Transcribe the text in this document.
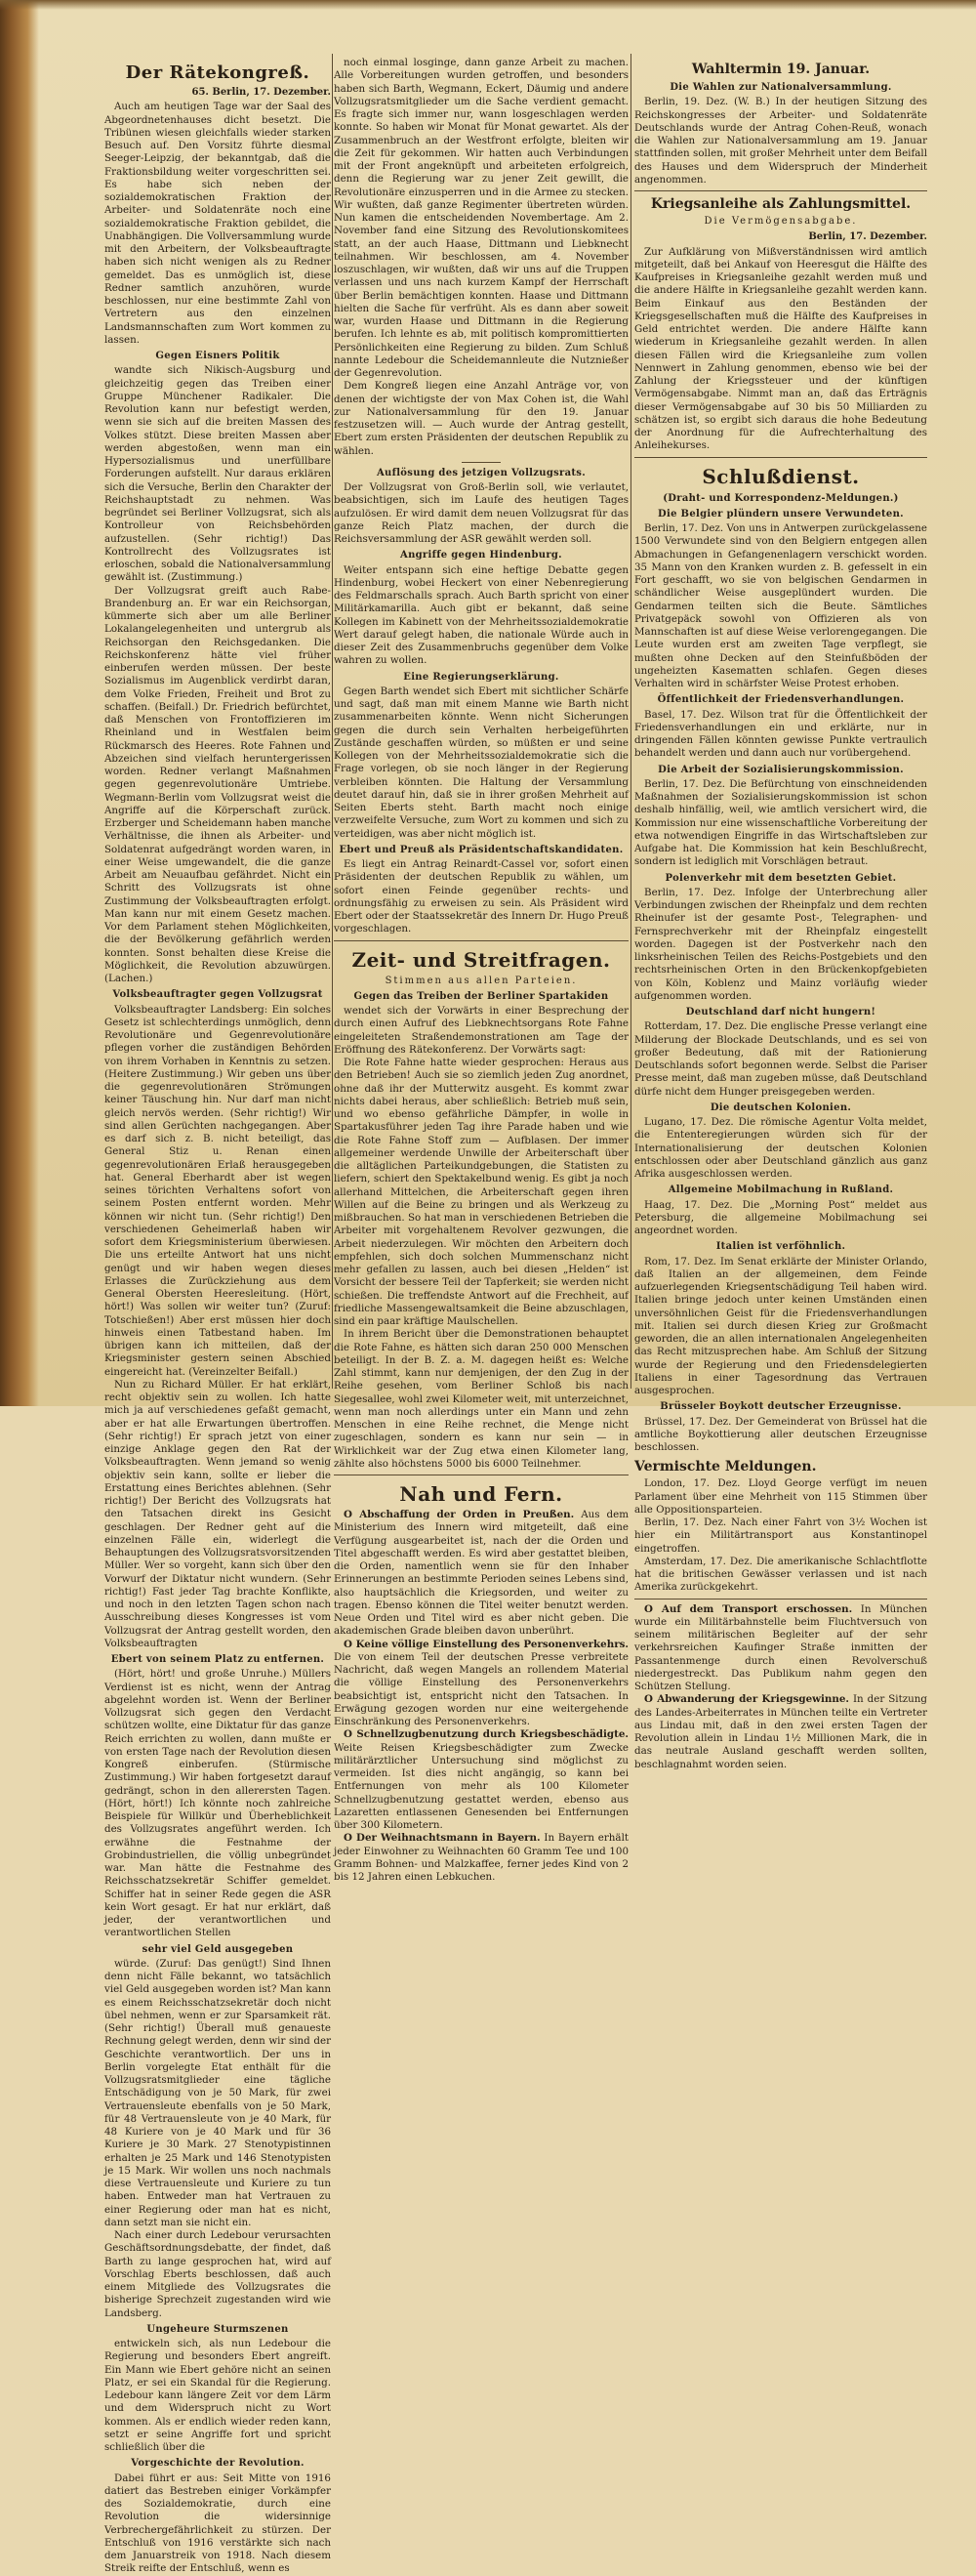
Der Rätekongreß.
65. Berlin, 17. Dezember.

Auch am heutigen Tage war der Saal des Abgeordnetenhauses dicht besetzt. Die Tribünen wiesen gleichfalls wieder starken Besuch auf. Den Vorsitz führte diesmal Seeger-Leipzig, der bekanntgab, daß die Fraktionsbildung weiter vorgeschritten sei. Es habe sich neben der sozialdemokratischen Fraktion der Arbeiter- und Soldatenräte noch eine sozialdemokratische Fraktion gebildet, die Unabhängigen. Die Vollversammlung wurde mit den Arbeitern, der Volksbeauftragte haben sich nicht wenigen als zu Redner gemeldet. Das es unmöglich ist, diese Redner samtlich anzuhören, wurde beschlossen, nur eine bestimmte Zahl von Vertretern aus den einzelnen Landsmannschaften zum Wort kommen zu lassen.

Gegen Eisners Politik

wandte sich Nikisch-Augsburg und gleichzeitig gegen das Treiben einer Gruppe Münchener Radikaler. Die Revolution kann nur befestigt werden, wenn sie sich auf die breiten Massen des Volkes stützt. Diese breiten Massen aber werden abgestoßen, wenn man ein Hypersozialismus und unerfüllbare Forderungen aufstellt. Nur daraus erklären sich die Versuche, Berlin den Charakter der Reichshauptstadt zu nehmen. Was begründet sei Berliner Vollzugsrat, sich als Kontrolleur von Reichsbehörden aufzustellen. (Sehr richtig!) Das Kontrollrecht des Vollzugsrates ist erloschen, sobald die Nationalversammlung gewählt ist. (Zustimmung.)

Der Vollzugsrat greift auch Rabe-Brandenburg an. Er war ein Reichsorgan, kümmerte sich aber um alle Berliner Lokalangelegenheiten und untergrub als Reichsorgan den Reichsgedanken. Die Reichskonferenz hätte viel früher einberufen werden müssen. Der beste Sozialismus im Augenblick verdirbt daran, dem Volke Frieden, Freiheit und Brot zu schaffen. (Beifall.) Dr. Friedrich befürchtet, daß Menschen von Frontoffizieren im Rheinland und in Westfalen beim Rückmarsch des Heeres. Rote Fahnen und Abzeichen sind vielfach heruntergerissen worden. Redner verlangt Maßnahmen gegen gegenrevolutionäre Umtriebe. Wegmann-Berlin vom Vollzugsrat weist die Angriffe auf die Körperschaft zurück. Erzberger und Scheidemann haben manche Verhältnisse, die ihnen als Arbeiter- und Soldatenrat aufgedrängt worden waren, in einer Weise umgewandelt, die die ganze Arbeit am Neuaufbau gefährdet. Nicht ein Schritt des Vollzugsrats ist ohne Zustimmung der Volksbeauftragten erfolgt. Man kann nur mit einem Gesetz machen. Vor dem Parlament stehen Möglichkeiten, die der Bevölkerung gefährlich werden konnten. Sonst behalten diese Kreise die Möglichkeit, die Revolution abzuwürgen. (Lachen.)

Volksbeauftragter gegen Vollzugsrat

Volksbeauftragter Landsberg: Ein solches Gesetz ist schlechterdings unmöglich, denn Revolutionäre und Gegenrevolutionäre pflegen vorher die zuständigen Behörden von ihrem Vorhaben in Kenntnis zu setzen. (Heitere Zustimmung.) Wir geben uns über die gegenrevolutionären Strömungen keiner Täuschung hin. Nur darf man nicht gleich nervös werden. (Sehr richtig!) Wir sind allen Gerüchten nachgegangen. Aber es darf sich z. B. nicht beteiligt, das General Stiz u. Renan einen gegenrevolutionären Erlaß herausgegeben hat. General Eberhardt aber ist wegen seines törichten Verhaltens sofort von seinem Posten entfernt worden. Mehr können wir nicht tun. (Sehr richtig!) Den verschiedenen Geheimerlaß haben wir sofort dem Kriegsministerium überwiesen. Die uns erteilte Antwort hat uns nicht genügt und wir haben wegen dieses Erlasses die Zurückziehung aus dem General Obersten Heeresleitung. (Hört, hört!) Was sollen wir weiter tun? (Zuruf: Totschießen!) Aber erst müssen hier doch hinweis einen Tatbestand haben. Im übrigen kann ich mitteilen, daß der Kriegsminister gestern seinen Abschied eingereicht hat. (Vereinzelter Beifall.)

Nun zu Richard Müller. Er hat erklärt, recht objektiv sein zu wollen. Ich hatte mich ja auf verschiedenes gefaßt gemacht, aber er hat alle Erwartungen übertroffen. (Sehr richtig!) Er sprach jetzt von einer einzige Anklage gegen den Rat der Volksbeauftragten. Wenn jemand so wenig objektiv sein kann, sollte er lieber die Erstattung eines Berichtes ablehnen. (Sehr richtig!) Der Bericht des Vollzugsrats hat den Tatsachen direkt ins Gesicht geschlagen. Der Redner geht auf die einzelnen Fälle ein, widerlegt die Behauptungen des Vollzugsratsvorsitzenden Müller. Wer so vorgeht, kann sich über den Vorwurf der Diktatur nicht wundern. (Sehr richtig!) Fast jeder Tag brachte Konflikte, und noch in den letzten Tagen schon nach Ausschreibung dieses Kongresses ist vom Vollzugsrat der Antrag gestellt worden, den Volksbeauftragten

Ebert von seinem Platz zu entfernen.

(Hört, hört! und große Unruhe.) Müllers Verdienst ist es nicht, wenn der Antrag abgelehnt worden ist. Wenn der Berliner Vollzugsrat sich gegen den Verdacht schützen wollte, eine Diktatur für das ganze Reich errichten zu wollen, dann mußte er von ersten Tage nach der Revolution diesen Kongreß einberufen. (Stürmische Zustimmung.) Wir haben fortgesetzt darauf gedrängt, schon in den allerersten Tagen. (Hört, hört!) Ich könnte noch zahlreiche Beispiele für Willkür und Überheblichkeit des Vollzugsrates angeführt werden. Ich erwähne die Festnahme der Grobindustriellen, die völlig unbegründet war. Man hätte die Festnahme des Reichsschatzsekretär Schiffer gemeldet. Schiffer hat in seiner Rede gegen die ASR kein Wort gesagt. Er hat nur erklärt, daß jeder, der verantwortlichen und verantwortlichen Stellen

sehr viel Geld ausgegeben

würde. (Zuruf: Das genügt!) Sind Ihnen denn nicht Fälle bekannt, wo tatsächlich viel Geld ausgegeben worden ist? Man kann es einem Reichsschatzsekretär doch nicht übel nehmen, wenn er zur Sparsamkeit rät. (Sehr richtig!) Überall muß genaueste Rechnung gelegt werden, denn wir sind der Geschichte verantwortlich. Der uns in Berlin vorgelegte Etat enthält für die Vollzugsratsmitglieder eine tägliche Entschädigung von je 50 Mark, für zwei Vertrauensleute ebenfalls von je 50 Mark, für 48 Vertrauensleute von je 40 Mark, für 48 Kuriere von je 40 Mark und für 36 Kuriere je 30 Mark. 27 Stenotypistinnen erhalten je 25 Mark und 146 Stenotypisten je 15 Mark. Wir wollen uns noch nachmals diese Vertrauensleute und Kuriere zu tun haben. Entweder man hat Vertrauen zu einer Regierung oder man hat es nicht, dann setzt man sie nicht ein.

Nach einer durch Ledebour verursachten Geschäftsordnungsdebatte, der findet, daß Barth zu lange gesprochen hat, wird auf Vorschlag Eberts beschlossen, daß auch einem Mitgliede des Vollzugsrates die bisherige Sprechzeit zugestanden wird wie Landsberg.

Ungeheure Sturmszenen

entwickeln sich, als nun Ledebour die Regierung und besonders Ebert angreift. Ein Mann wie Ebert gehöre nicht an seinen Platz, er sei ein Skandal für die Regierung. Ledebour kann längere Zeit vor dem Lärm und dem Widerspruch nicht zu Wort kommen. Als er endlich wieder reden kann, setzt er seine Angriffe fort und spricht schließlich über die

Vorgeschichte der Revolution.

Dabei führt er aus: Seit Mitte von 1916 datiert das Bestreben einiger Vorkämpfer des Sozialdemokratie, durch eine Revolution die widersinnige Verbrechergefährlichkeit zu stürzen. Der Entschluß von 1916 verstärkte sich nach dem Januarstreik von 1918. Nach diesem Streik reifte der Entschluß, wenn es

noch einmal losginge, dann ganze Arbeit zu machen. Alle Vorbereitungen wurden getroffen, und besonders haben sich Barth, Wegmann, Eckert, Däumig und andere Vollzugsratsmitglieder um die Sache verdient gemacht. Es fragte sich immer nur, wann losgeschlagen werden konnte. So haben wir Monat für Monat gewartet. Als der Zusammenbruch an der Westfront erfolgte, bleiten wir die Zeit für gekommen. Wir hatten auch Verbindungen mit der Front angeknüpft und arbeiteten erfolgreich, denn die Regierung war zu jener Zeit gewillt, die Revolutionäre einzusperren und in die Armee zu stecken. Wir wußten, daß ganze Regimenter übertreten würden. Nun kamen die entscheidenden Novembertage. Am 2. November fand eine Sitzung des Revolutionskomitees statt, an der auch Haase, Dittmann und Liebknecht teilnahmen. Wir beschlossen, am 4. November loszuschlagen, wir wußten, daß wir uns auf die Truppen verlassen und uns nach kurzem Kampf der Herrschaft über Berlin bemächtigen konnten. Haase und Dittmann hielten die Sache für verfrüht. Als es dann aber soweit war, wurden Haase und Dittmann in die Regierung berufen. Ich lehnte es ab, mit politisch kompromittierten Persönlichkeiten eine Regierung zu bilden. Zum Schluß nannte Ledebour die Scheidemannleute die Nutznießer der Gegenrevolution.

Dem Kongreß liegen eine Anzahl Anträge vor, von denen der wichtigste der von Max Cohen ist, die Wahl zur Nationalversammlung für den 19. Januar festzusetzen will. — Auch wurde der Antrag gestellt, Ebert zum ersten Präsidenten der deutschen Republik zu wählen.

Auflösung des jetzigen Vollzugsrats.

Der Vollzugsrat von Groß-Berlin soll, wie verlautet, beabsichtigen, sich im Laufe des heutigen Tages aufzulösen. Er wird damit dem neuen Vollzugsrat für das ganze Reich Platz machen, der durch die Reichsversammlung der ASR gewählt werden soll.

Angriffe gegen Hindenburg.

Weiter entspann sich eine heftige Debatte gegen Hindenburg, wobei Heckert von einer Nebenregierung des Feldmarschalls sprach. Auch Barth spricht von einer Militärkamarilla. Auch gibt er bekannt, daß seine Kollegen im Kabinett von der Mehrheitssozialdemokratie Wert darauf gelegt haben, die nationale Würde auch in dieser Zeit des Zusammenbruchs gegenüber dem Volke wahren zu wollen.

Eine Regierungserklärung.

Gegen Barth wendet sich Ebert mit sichtlicher Schärfe und sagt, daß man mit einem Manne wie Barth nicht zusammenarbeiten könnte. Wenn nicht Sicherungen gegen die durch sein Verhalten herbeigeführten Zustände geschaffen würden, so müßten er und seine Kollegen von der Mehrheitssozialdemokratie sich die Frage vorlegen, ob sie noch länger in der Regierung verbleiben könnten. Die Haltung der Versammlung deutet darauf hin, daß sie in ihrer großen Mehrheit auf Seiten Eberts steht. Barth macht noch einige verzweifelte Versuche, zum Wort zu kommen und sich zu verteidigen, was aber nicht möglich ist.

Ebert und Preuß als Präsidentschaftskandidaten.

Es liegt ein Antrag Reinardt-Cassel vor, sofort einen Präsidenten der deutschen Republik zu wählen, um sofort einen Feinde gegenüber rechts- und ordnungsfähig zu erweisen zu sein. Als Präsident wird Ebert oder der Staatssekretär des Innern Dr. Hugo Preuß vorgeschlagen.

Zeit- und Streitfragen.
Stimmen aus allen Parteien.
Gegen das Treiben der Berliner Spartakiden

wendet sich der Vorwärts in einer Besprechung der durch einen Aufruf des Liebknechtsorgans Rote Fahne eingeleiteten Straßendemonstrationen am Tage der Eröffnung des Rätekonferenz. Der Vorwärts sagt:

Die Rote Fahne hatte wieder gesprochen: Heraus aus den Betrieben! Auch sie so ziemlich jeden Zug anordnet, ohne daß ihr der Mutterwitz ausgeht. Es kommt zwar nichts dabei heraus, aber schließlich: Betrieb muß sein, und wo ebenso gefährliche Dämpfer, in wolle in Spartakusführer jeden Tag ihre Parade haben und wie die Rote Fahne Stoff zum — Aufblasen. Der immer allgemeiner werdende Unwille der Arbeiterschaft über die alltäglichen Parteikundgebungen, die Statisten zu liefern, schiert den Spektakelbund wenig. Es gibt ja noch allerhand Mittelchen, die Arbeiterschaft gegen ihren Willen auf die Beine zu bringen und als Werkzeug zu mißbrauchen. So hat man in verschiedenen Betrieben die Arbeiter mit vorgehaltenem Revolver gezwungen, die Arbeit niederzulegen. Wir möchten den Arbeitern doch empfehlen, sich doch solchen Mummenschanz nicht mehr gefallen zu lassen, auch bei diesen „Helden“ ist Vorsicht der bessere Teil der Tapferkeit; sie werden nicht schießen. Die treffendste Antwort auf die Frechheit, auf friedliche Massengewaltsamkeit die Beine abzuschlagen, sind ein paar kräftige Maulschellen.

In ihrem Bericht über die Demonstrationen behauptet die Rote Fahne, es hätten sich daran 250 000 Menschen beteiligt. In der B. Z. a. M. dagegen heißt es: Welche Zahl stimmt, kann nur demjenigen, der den Zug in der Reihe gesehen, vom Berliner Schloß bis nach Siegesallee, wohl zwei Kilometer weit, mit unterzeichnet, wenn man noch allerdings unter ein Mann und zehn Menschen in eine Reihe rechnet, die Menge nicht zugeschlagen, sondern es kann nur sein — in Wirklichkeit war der Zug etwa einen Kilometer lang, zählte also höchstens 5000 bis 6000 Teilnehmer.

Nah und Fern.

O Abschaffung der Orden in Preußen. Aus dem Ministerium des Innern wird mitgeteilt, daß eine Verfügung ausgearbeitet ist, nach der die Orden und Titel abgeschafft werden. Es wird aber gestattet bleiben, die Orden, namentlich wenn sie für den Inhaber Erinnerungen an bestimmte Perioden seines Lebens sind, also hauptsächlich die Kriegsorden, und weiter zu tragen. Ebenso können die Titel weiter benutzt werden. Neue Orden und Titel wird es aber nicht geben. Die akademischen Grade bleiben davon unberührt.

O Keine völlige Einstellung des Personenverkehrs. Die von einem Teil der deutschen Presse verbreitete Nachricht, daß wegen Mangels an rollendem Material die völlige Einstellung des Personenverkehrs beabsichtigt ist, entspricht nicht den Tatsachen. In Erwägung gezogen worden nur eine weitergehende Einschränkung des Personenverkehrs.

O Schnellzugbenutzung durch Kriegsbeschädigte. Weite Reisen Kriegsbeschädigter zum Zwecke militärärztlicher Untersuchung sind möglichst zu vermeiden. Ist dies nicht angängig, so kann bei Entfernungen von mehr als 100 Kilometer Schnellzugbenutzung gestattet werden, ebenso aus Lazaretten entlassenen Genesenden bei Entfernungen über 300 Kilometern.

O Der Weihnachtsmann in Bayern. In Bayern erhält jeder Einwohner zu Weihnachten 60 Gramm Tee und 100 Gramm Bohnen- und Malzkaffee, ferner jedes Kind von 2 bis 12 Jahren einen Lebkuchen.

Wahltermin 19. Januar.
Die Wahlen zur Nationalversammlung.

Berlin, 19. Dez. (W. B.) In der heutigen Sitzung des Reichskongresses der Arbeiter- und Soldatenräte Deutschlands wurde der Antrag Cohen-Reuß, wonach die Wahlen zur Nationalversammlung am 19. Januar stattfinden sollen, mit großer Mehrheit unter dem Beifall des Hauses und dem Widerspruch der Minderheit angenommen.

Kriegsanleihe als Zahlungsmittel.
Die Vermögensabgabe.
Berlin, 17. Dezember.

Zur Aufklärung von Mißverständnissen wird amtlich mitgeteilt, daß bei Ankauf von Heeresgut die Hälfte des Kaufpreises in Kriegsanleihe gezahlt werden muß und die andere Hälfte in Kriegsanleihe gezahlt werden kann. Beim Einkauf aus den Beständen der Kriegsgesellschaften muß die Hälfte des Kaufpreises in Geld entrichtet werden. Die andere Hälfte kann wiederum in Kriegsanleihe gezahlt werden. In allen diesen Fällen wird die Kriegsanleihe zum vollen Nennwert in Zahlung genommen, ebenso wie bei der Zahlung der Kriegssteuer und der künftigen Vermögensabgabe. Nimmt man an, daß das Erträgnis dieser Vermögensabgabe auf 30 bis 50 Milliarden zu schätzen ist, so ergibt sich daraus die hohe Bedeutung der Anordnung für die Aufrechterhaltung des Anleihekurses.

Schlußdienst.
(Draht- und Korrespondenz-Meldungen.)
Die Belgier plündern unsere Verwundeten.

Berlin, 17. Dez. Von uns in Antwerpen zurückgelassene 1500 Verwundete sind von den Belgiern entgegen allen Abmachungen in Gefangenenlagern verschickt worden. 35 Mann von den Kranken wurden z. B. gefesselt in ein Fort geschafft, wo sie von belgischen Gendarmen in schändlicher Weise ausgeplündert wurden. Die Gendarmen teilten sich die Beute. Sämtliches Privatgepäck sowohl von Offizieren als von Mannschaften ist auf diese Weise verlorengegangen. Die Leute wurden erst am zweiten Tage verpflegt, sie mußten ohne Decken auf den Steinfußböden der ungeheizten Kasematten schlafen. Gegen dieses Verhalten wird in schärfster Weise Protest erhoben.

Öffentlichkeit der Friedensverhandlungen.

Basel, 17. Dez. Wilson trat für die Öffentlichkeit der Friedensverhandlungen ein und erklärte, nur in dringenden Fällen könnten gewisse Punkte vertraulich behandelt werden und dann auch nur vorübergehend.

Die Arbeit der Sozialisierungskommission.

Berlin, 17. Dez. Die Befürchtung von einschneidenden Maßnahmen der Sozialisierungskommission ist schon deshalb hinfällig, weil, wie amtlich versichert wird, die Kommission nur eine wissenschaftliche Vorbereitung der etwa notwendigen Eingriffe in das Wirtschaftsleben zur Aufgabe hat. Die Kommission hat kein Beschlußrecht, sondern ist lediglich mit Vorschlägen betraut.

Polenverkehr mit dem besetzten Gebiet.

Berlin, 17. Dez. Infolge der Unterbrechung aller Verbindungen zwischen der Rheinpfalz und dem rechten Rheinufer ist der gesamte Post-, Telegraphen- und Fernsprechverkehr mit der Rheinpfalz eingestellt worden. Dagegen ist der Postverkehr nach den linksrheinischen Teilen des Reichs-Postgebiets und den rechtsrheinischen Orten in den Brückenkopfgebieten von Köln, Koblenz und Mainz vorläufig wieder aufgenommen worden.

Deutschland darf nicht hungern!

Rotterdam, 17. Dez. Die englische Presse verlangt eine Milderung der Blockade Deutschlands, und es sei von großer Bedeutung, daß mit der Rationierung Deutschlands sofort begonnen werde. Selbst die Pariser Presse meint, daß man zugeben müsse, daß Deutschland dürfe nicht dem Hunger preisgegeben werden.

Die deutschen Kolonien.

Lugano, 17. Dez. Die römische Agentur Volta meldet, die Ententeregierungen würden sich für der Internationalisierung der deutschen Kolonien entschlossen oder aber Deutschland gänzlich aus ganz Afrika ausgeschlossen werden.

Allgemeine Mobilmachung in Rußland.

Haag, 17. Dez. Die „Morning Post“ meldet aus Petersburg, die allgemeine Mobilmachung sei angeordnet worden.

Italien ist verföhnlich.

Rom, 17. Dez. Im Senat erklärte der Minister Orlando, daß Italien an der allgemeinen, dem Feinde aufzuerlegenden Kriegsentschädigung Teil haben wird. Italien bringe jedoch unter keinen Umständen einen unversöhnlichen Geist für die Friedensverhandlungen mit. Italien sei durch diesen Krieg zur Großmacht geworden, die an allen internationalen Angelegenheiten das Recht mitzusprechen habe. Am Schluß der Sitzung wurde der Regierung und den Friedensdelegierten Italiens in einer Tagesordnung das Vertrauen ausgesprochen.

Brüsseler Boykott deutscher Erzeugnisse.

Brüssel, 17. Dez. Der Gemeinderat von Brüssel hat die amtliche Boykottierung aller deutschen Erzeugnisse beschlossen.

Vermischte Meldungen.

London, 17. Dez. Lloyd George verfügt im neuen Parlament über eine Mehrheit von 115 Stimmen über alle Oppositionsparteien.

Berlin, 17. Dez. Nach einer Fahrt von 3½ Wochen ist hier ein Militärtransport aus Konstantinopel eingetroffen.

Amsterdam, 17. Dez. Die amerikanische Schlachtflotte hat die britischen Gewässer verlassen und ist nach Amerika zurückgekehrt.

O Auf dem Transport erschossen. In München wurde ein Militärbahnstelle beim Fluchtversuch von seinem militärischen Begleiter auf der sehr verkehrsreichen Kaufinger Straße inmitten der Passantenmenge durch einen Revolverschuß niedergestreckt. Das Publikum nahm gegen den Schützen Stellung.

O Abwanderung der Kriegsgewinne. In der Sitzung des Landes-Arbeiterrates in München teilte ein Vertreter aus Lindau mit, daß in den zwei ersten Tagen der Revolution allein in Lindau 1½ Millionen Mark, die in das neutrale Ausland geschafft werden sollten, beschlagnahmt worden seien.
